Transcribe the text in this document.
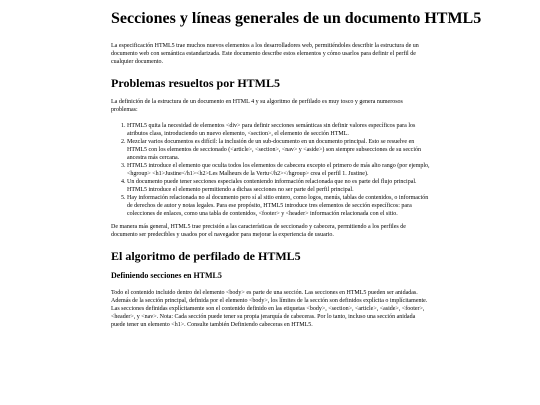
Secciones y líneas generales de un documento HTML5

La especificación HTML5 trae muchos nuevos elementos a los desarrolladores web, permitiéndoles describir la estructura de un documento web con semántica estandarizada. Este documento describe estos elementos y cómo usarlos para definir el perfil de cualquier documento.

Problemas resueltos por HTML5

La definición de la estructura de un documento en HTML 4 y su algoritmo de perfilado es muy tosco y genera numerosos problemas:

1. HTML5 quita la necesidad de elementos <div> para definir secciones semánticas sin definir valores específicos para los atributos class, introduciendo un nuevo elemento, <section>, el elemento de sección HTML.
2. Mezclar varios documentos es difícil: la inclusión de un sub-documento en un documento principal. Esto se resuelve en HTML5 con los elementos de seccionado (<article>, <section>, <nav> y <aside>) son siempre subsecciones de su sección ancestra más cercana.
3. HTML5 introduce el elemento que oculta todos los elementos de cabecera excepto el primero de más alto rango (por ejemplo, <hgroup> <h1>Justine</h1><h2>Les Malheurs de la Vertu</h2></hgroup> crea el perfil 1. Justine).
4. Un documento puede tener secciones especiales conteniendo información relacionada que no es parte del flujo principal. HTML5 introduce el elemento permitiendo a dichas secciones no ser parte del perfil principal.
5. Hay información relacionada no al documento pero sí al sitio entero, como logos, menús, tablas de contenidos, o información de derechos de autor y notas legales. Para ese propósito, HTML5 introduce tres elementos de sección específicos: para colecciones de enlaces, como una tabla de contenidos, <footer> y <header> información relacionada con el sitio.

De manera más general, HTML5 trae precisión a las características de seccionado y cabecera, permitiendo a los perfiles de documento ser predecibles y usados por el navegador para mejorar la experiencia de usuario.

El algoritmo de perfilado de HTML5
Definiendo secciones en HTML5

Todo el contenido incluido dentro del elemento <body> es parte de una sección. Las secciones en HTML5 pueden ser anidadas. Además de la sección principal, definida por el elemento <body>, los límites de la sección son definidos explícita o implícitamente. Las secciones definidas explícitamente son el contenido definido en las etiquetas <body>, <section>, <article>, <aside>, <footer>, <header>, y <nav>. Nota: Cada sección puede tener su propia jerarquía de cabeceras. Por lo tanto, incluso una sección anidada puede tener un elemento <h1>. Consulte también Definiendo cabeceras en HTML5.
